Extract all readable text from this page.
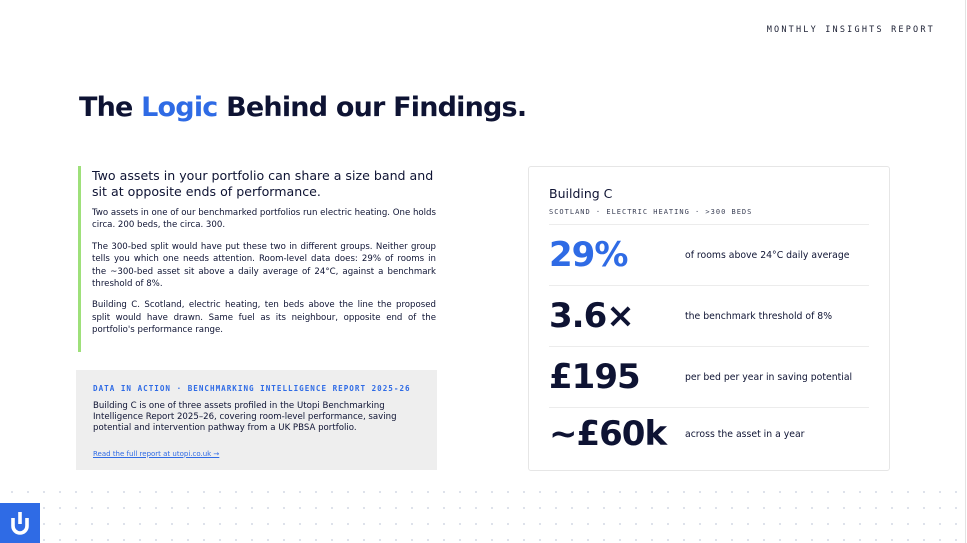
MONTHLY INSIGHTS REPORT
The Logic Behind our Findings.

Two assets in your portfolio can share a size band and sit at opposite ends of performance.

Two assets in one of our benchmarked portfolios run electric heating. One holds circa. 200 beds, the circa. 300.

The 300-bed split would have put these two in different groups. Neither group tells you which one needs attention. Room-level data does: 29% of rooms in the ~300-bed asset sit above a daily average of 24°C, against a benchmark threshold of 8%.

Building C. Scotland, electric heating, ten beds above the line the proposed split would have drawn. Same fuel as its neighbour, opposite end of the portfolio's performance range.

DATA IN ACTION · BENCHMARKING INTELLIGENCE REPORT 2025-26

Building C is one of three assets profiled in the Utopi Benchmarking Intelligence Report 2025–26, covering room-level performance, saving potential and intervention pathway from a UK PBSA portfolio.

Read the full report at utopi.co.uk →
Building C
SCOTLAND · ELECTRIC HEATING · >300 BEDS
29%	of rooms above 24°C daily average
3.6×	the benchmark threshold of 8%
£195	per bed per year in saving potential
~£60k	across the asset in a year
